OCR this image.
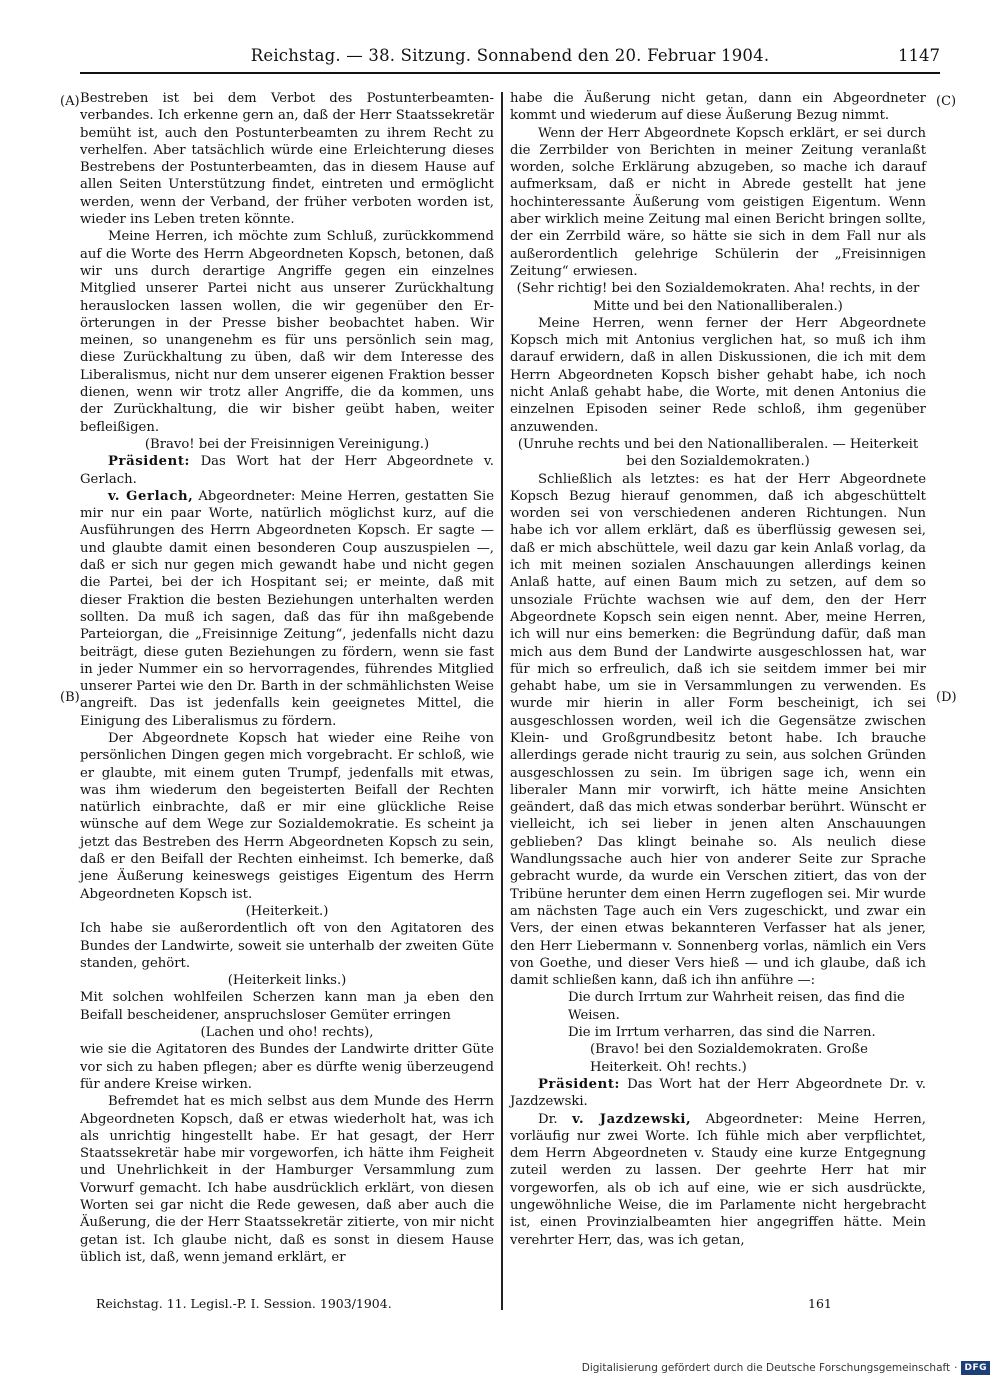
Reichstag. — 38. Sitzung. Sonnabend den 20. Februar 1904.	1147
(A)
(B)
(C)
(D)

Bestreben ist bei dem Verbot des Postunterbeamtenverbandes. Ich erkenne gern an, daß der Herr Staatssekretär bemüht ist, auch den Postunterbeamten zu ihrem Recht zu verhelfen. Aber tatsächlich würde eine Erleichterung dieses Bestrebens der Postunterbeamten, das in diesem Hause auf allen Seiten Unterstützung findet, eintreten und ermöglicht werden, wenn der Verband, der früher verboten worden ist, wieder ins Leben treten könnte.

Meine Herren, ich möchte zum Schluß, zurückkommend auf die Worte des Herrn Abgeordneten Kopsch, betonen, daß wir uns durch derartige Angriffe gegen ein einzelnes Mitglied unserer Partei nicht aus unserer Zurückhaltung herauslocken lassen wollen, die wir gegenüber den Erörterungen in der Presse bisher beobachtet haben. Wir meinen, so unangenehm es für uns persönlich sein mag, diese Zurückhaltung zu üben, daß wir dem Interesse des Liberalismus, nicht nur dem unserer eigenen Fraktion besser dienen, wenn wir trotz aller Angriffe, die da kommen, uns der Zurückhaltung, die wir bisher geübt haben, weiter befleißigen.

(Bravo! bei der Freisinnigen Vereinigung.)

Präsident: Das Wort hat der Herr Abgeordnete v. Gerlach.

v. Gerlach, Abgeordneter: Meine Herren, gestatten Sie mir nur ein paar Worte, natürlich möglichst kurz, auf die Ausführungen des Herrn Abgeordneten Kopsch. Er sagte — und glaubte damit einen besonderen Coup auszuspielen —, daß er sich nur gegen mich gewandt habe und nicht gegen die Partei, bei der ich Hospitant sei; er meinte, daß mit dieser Fraktion die besten Beziehungen unterhalten werden sollten. Da muß ich sagen, daß das für ihn maßgebende Parteiorgan, die „Freisinnige Zeitung“, jedenfalls nicht dazu beiträgt, diese guten Beziehungen zu fördern, wenn sie fast in jeder Nummer ein so hervorragendes, führendes Mitglied unserer Partei wie den Dr. Barth in der schmählichsten Weise angreift. Das ist jedenfalls kein geeignetes Mittel, die Einigung des Liberalismus zu fördern.

Der Abgeordnete Kopsch hat wieder eine Reihe von persönlichen Dingen gegen mich vorgebracht. Er schloß, wie er glaubte, mit einem guten Trumpf, jedenfalls mit etwas, was ihm wiederum den begeisterten Beifall der Rechten natürlich einbrachte, daß er mir eine glückliche Reise wünsche auf dem Wege zur Sozialdemokratie. Es scheint ja jetzt das Bestreben des Herrn Abgeordneten Kopsch zu sein, daß er den Beifall der Rechten einheimst. Ich bemerke, daß jene Äußerung keineswegs geistiges Eigentum des Herrn Abgeordneten Kopsch ist.

(Heiterkeit.)

Ich habe sie außerordentlich oft von den Agitatoren des Bundes der Landwirte, soweit sie unterhalb der zweiten Güte standen, gehört.

(Heiterkeit links.)

Mit solchen wohlfeilen Scherzen kann man ja eben den Beifall bescheidener, anspruchsloser Gemüter erringen

(Lachen und oho! rechts),

wie sie die Agitatoren des Bundes der Landwirte dritter Güte vor sich zu haben pflegen; aber es dürfte wenig überzeugend für andere Kreise wirken.

Befremdet hat es mich selbst aus dem Munde des Herrn Abgeordneten Kopsch, daß er etwas wiederholt hat, was ich als unrichtig hingestellt habe. Er hat gesagt, der Herr Staatssekretär habe mir vorgeworfen, ich hätte ihm Feigheit und Unehrlichkeit in der Hamburger Versammlung zum Vorwurf gemacht. Ich habe ausdrücklich erklärt, von diesen Worten sei gar nicht die Rede gewesen, daß aber auch die Äußerung, die der Herr Staatssekretär zitierte, von mir nicht getan ist. Ich glaube nicht, daß es sonst in diesem Hause üblich ist, daß, wenn jemand erklärt, er

habe die Äußerung nicht getan, dann ein Abgeordneter kommt und wiederum auf diese Äußerung Bezug nimmt.

Wenn der Herr Abgeordnete Kopsch erklärt, er sei durch die Zerrbilder von Berichten in meiner Zeitung veranlaßt worden, solche Erklärung abzugeben, so mache ich darauf aufmerksam, daß er nicht in Abrede gestellt hat jene hochinteressante Äußerung vom geistigen Eigentum. Wenn aber wirklich meine Zeitung mal einen Bericht bringen sollte, der ein Zerrbild wäre, so hätte sie sich in dem Fall nur als außerordentlich gelehrige Schülerin der „Freisinnigen Zeitung“ erwiesen.

(Sehr richtig! bei den Sozialdemokraten. Aha! rechts, in der Mitte und bei den Nationalliberalen.)

Meine Herren, wenn ferner der Herr Abgeordnete Kopsch mich mit Antonius verglichen hat, so muß ich ihm darauf erwidern, daß in allen Diskussionen, die ich mit dem Herrn Abgeordneten Kopsch bisher gehabt habe, ich noch nicht Anlaß gehabt habe, die Worte, mit denen Antonius die einzelnen Episoden seiner Rede schloß, ihm gegenüber anzuwenden.

(Unruhe rechts und bei den Nationalliberalen. — Heiterkeit bei den Sozialdemokraten.)

Schließlich als letztes: es hat der Herr Abgeordnete Kopsch Bezug hierauf genommen, daß ich abgeschüttelt worden sei von verschiedenen anderen Richtungen. Nun habe ich vor allem erklärt, daß es überflüssig gewesen sei, daß er mich abschüttele, weil dazu gar kein Anlaß vorlag, da ich mit meinen sozialen Anschauungen allerdings keinen Anlaß hatte, auf einen Baum mich zu setzen, auf dem so unsoziale Früchte wachsen wie auf dem, den der Herr Abgeordnete Kopsch sein eigen nennt. Aber, meine Herren, ich will nur eins bemerken: die Begründung dafür, daß man mich aus dem Bund der Landwirte ausgeschlossen hat, war für mich so erfreulich, daß ich sie seitdem immer bei mir gehabt habe, um sie in Versammlungen zu verwenden. Es wurde mir hierin in aller Form bescheinigt, ich sei ausgeschlossen worden, weil ich die Gegensätze zwischen Klein- und Großgrundbesitz betont habe. Ich brauche allerdings gerade nicht traurig zu sein, aus solchen Gründen ausgeschlossen zu sein. Im übrigen sage ich, wenn ein liberaler Mann mir vorwirft, ich hätte meine Ansichten geändert, daß das mich etwas sonderbar berührt. Wünscht er vielleicht, ich sei lieber in jenen alten Anschauungen geblieben? Das klingt beinahe so. Als neulich diese Wandlungssache auch hier von anderer Seite zur Sprache gebracht wurde, da wurde ein Verschen zitiert, das von der Tribüne herunter dem einen Herrn zugeflogen sei. Mir wurde am nächsten Tage auch ein Vers zugeschickt, und zwar ein Vers, der einen etwas bekannteren Verfasser hat als jener, den Herr Liebermann v. Sonnenberg vorlas, nämlich ein Vers von Goethe, und dieser Vers hieß — und ich glaube, daß ich damit schließen kann, daß ich ihn anführe —:

Die durch Irrtum zur Wahrheit reisen, das find die Weisen.

Die im Irrtum verharren, das sind die Narren.

(Bravo! bei den Sozialdemokraten. Große Heiterkeit. Oh! rechts.)

Präsident: Das Wort hat der Herr Abgeordnete Dr. v. Jazdzewski.

Dr. v. Jazdzewski, Abgeordneter: Meine Herren, vorläufig nur zwei Worte. Ich fühle mich aber verpflichtet, dem Herrn Abgeordneten v. Staudy eine kurze Entgegnung zuteil werden zu lassen. Der geehrte Herr hat mir vorgeworfen, als ob ich auf eine, wie er sich ausdrückte, ungewöhnliche Weise, die im Parlamente nicht hergebracht ist, einen Provinzialbeamten hier angegriffen hätte. Mein verehrter Herr, das, was ich getan,

Reichstag. 11. Legisl.-P. I. Session. 1903/1904.	161
Digitalisierung gefördert durch die Deutsche Forschungsgemeinschaft · DFG
